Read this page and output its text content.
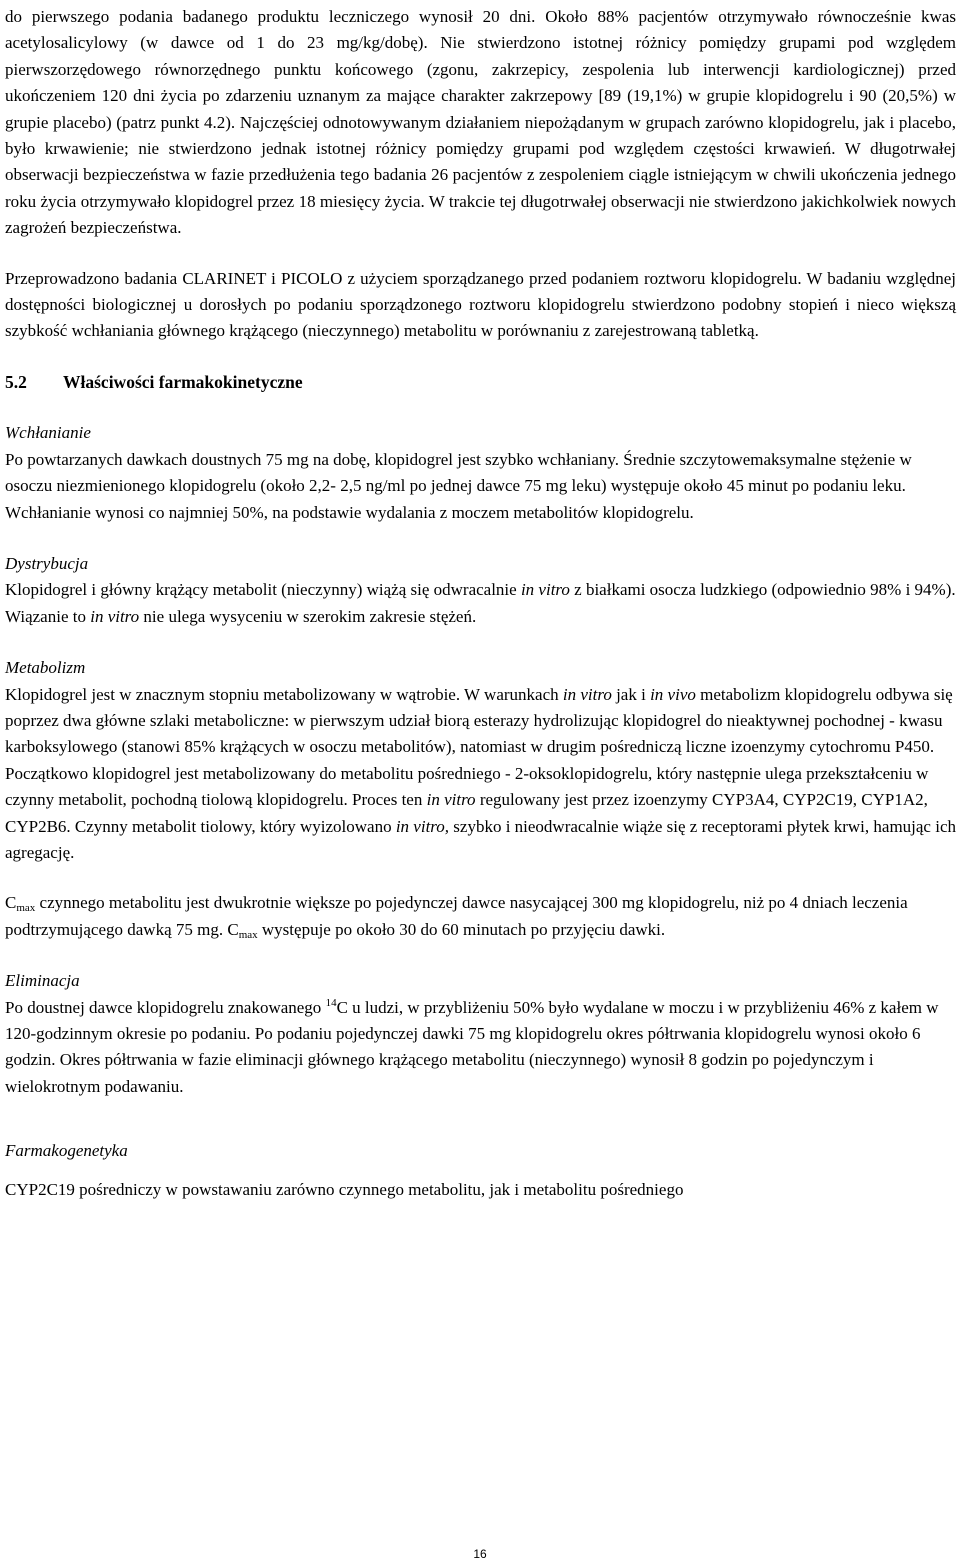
do pierwszego podania badanego produktu leczniczego wynosił 20 dni. Około 88% pacjentów otrzymywało równocześnie kwas acetylosalicylowy (w dawce od 1 do 23 mg/kg/dobę). Nie stwierdzono istotnej różnicy pomiędzy grupami pod względem pierwszorzędowego równorzędnego punktu końcowego (zgonu, zakrzepicy, zespolenia lub interwencji kardiologicznej) przed ukończeniem 120 dni życia po zdarzeniu uznanym za mające charakter zakrzepowy [89 (19,1%) w grupie klopidogrelu i 90 (20,5%) w grupie placebo) (patrz punkt 4.2). Najczęściej odnotowywanym działaniem niepożądanym w grupach zarówno klopidogrelu, jak i placebo, było krwawienie; nie stwierdzono jednak istotnej różnicy pomiędzy grupami pod względem częstości krwawień. W długotrwałej obserwacji bezpieczeństwa w fazie przedłużenia tego badania 26 pacjentów z zespoleniem ciągle istniejącym w chwili ukończenia jednego roku życia otrzymywało klopidogrel przez 18 miesięcy życia. W trakcie tej długotrwałej obserwacji nie stwierdzono jakichkolwiek nowych zagrożeń bezpieczeństwa.

Przeprowadzono badania CLARINET i PICOLO z użyciem sporządzanego przed podaniem roztworu klopidogrelu. W badaniu względnej dostępności biologicznej u dorosłych po podaniu sporządzonego roztworu klopidogrelu stwierdzono podobny stopień i nieco większą szybkość wchłaniania głównego krążącego (nieczynnego) metabolitu w porównaniu z zarejestrowaną tabletką.

5.2 Właściwości farmakokinetyczne

Wchłanianie

Po powtarzanych dawkach doustnych 75 mg na dobę, klopidogrel jest szybko wchłaniany. Średnie szczytowemaksymalne stężenie w osoczu niezmienionego klopidogrelu (około 2,2- 2,5 ng/ml po jednej dawce 75 mg leku) występuje około 45 minut po podaniu leku. Wchłanianie wynosi co najmniej 50%, na podstawie wydalania z moczem metabolitów klopidogrelu.

Dystrybucja

Klopidogrel i główny krążący metabolit (nieczynny) wiążą się odwracalnie in vitro z białkami osocza ludzkiego (odpowiednio 98% i 94%). Wiązanie to in vitro nie ulega wysyceniu w szerokim zakresie stężeń.

Metabolizm

Klopidogrel jest w znacznym stopniu metabolizowany w wątrobie. W warunkach in vitro jak i in vivo metabolizm klopidogrelu odbywa się poprzez dwa główne szlaki metaboliczne: w pierwszym udział biorą esterazy hydrolizując klopidogrel do nieaktywnej pochodnej - kwasu karboksylowego (stanowi 85% krążących w osoczu metabolitów), natomiast w drugim pośredniczą liczne izoenzymy cytochromu P450. Początkowo klopidogrel jest metabolizowany do metabolitu pośredniego - 2-oksoklopidogrelu, który następnie ulega przekształceniu w czynny metabolit, pochodną tiolową klopidogrelu. Proces ten in vitro regulowany jest przez izoenzymy CYP3A4, CYP2C19, CYP1A2, CYP2B6. Czynny metabolit tiolowy, który wyizolowano in vitro, szybko i nieodwracalnie wiąże się z receptorami płytek krwi, hamując ich agregację.

$C_{max}$ czynnego metabolitu jest dwukrotnie większe po pojedynczej dawce nasycającej 300 mg klopidogrelu, niż po 4 dniach leczenia podtrzymującego dawką 75 mg. $C_{max}$ występuje po około 30 do 60 minutach po przyjęciu dawki.

Eliminacja

Po doustnej dawce klopidogrelu znakowanego $^{14}$C u ludzi, w przybliżeniu 50% było wydalane w moczu i w przybliżeniu 46% z kałem w 120-godzinnym okresie po podaniu. Po podaniu pojedynczej dawki 75 mg klopidogrelu okres półtrwania klopidogrelu wynosi około 6 godzin. Okres półtrwania w fazie eliminacji głównego krążącego metabolitu (nieczynnego) wynosił 8 godzin po pojedynczym i wielokrotnym podawaniu.

Farmakogenetyka

CYP2C19 pośredniczy w powstawaniu zarówno czynnego metabolitu, jak i metabolitu pośredniego

16
